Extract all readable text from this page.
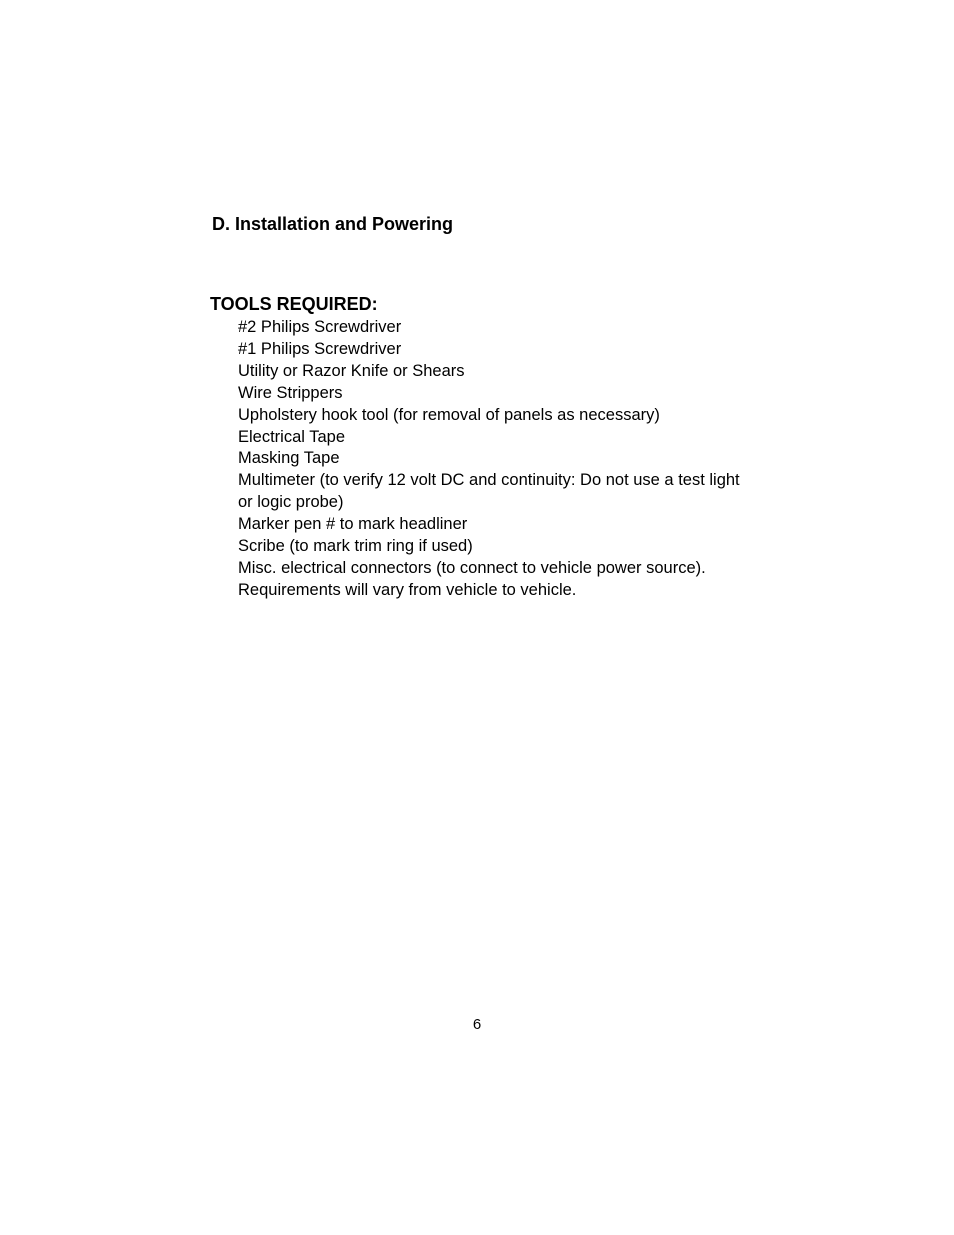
D. Installation and Powering
TOOLS REQUIRED:
#2 Philips Screwdriver
#1 Philips Screwdriver
Utility or Razor Knife or Shears
Wire Strippers
Upholstery hook tool (for removal of panels as necessary)
Electrical Tape
Masking Tape
Multimeter (to verify 12 volt DC and continuity: Do not use a test light
or logic probe)
Marker pen # to mark headliner
Scribe (to mark trim ring if used)
Misc. electrical connectors (to connect to vehicle power source).
Requirements will vary from vehicle to vehicle.
6
